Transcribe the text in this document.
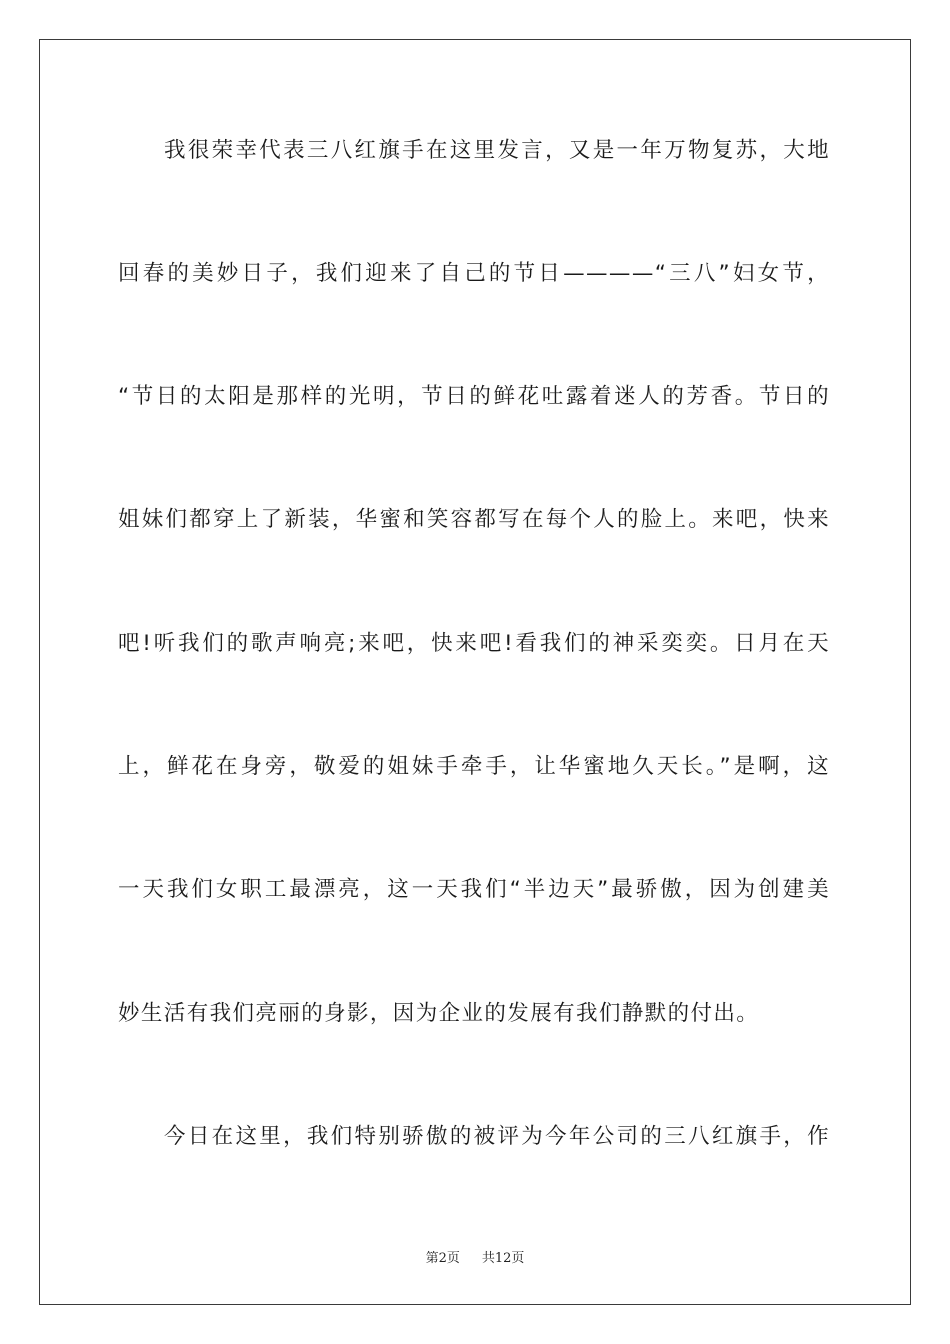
我很荣幸代表三八红旗手在这里发言，又是一年万物复苏，大地
回春的美妙日子，我们迎来了自己的节日————“三八”妇女节，
“节日的太阳是那样的光明，节日的鲜花吐露着迷人的芳香。节日的
姐妹们都穿上了新装，华蜜和笑容都写在每个人的脸上。来吧，快来
吧!听我们的歌声响亮;来吧，快来吧!看我们的神采奕奕。日月在天
上，鲜花在身旁，敬爱的姐妹手牵手，让华蜜地久天长。”是啊，这
一天我们女职工最漂亮，这一天我们“半边天”最骄傲，因为创建美
妙生活有我们亮丽的身影，因为企业的发展有我们静默的付出。
今日在这里，我们特别骄傲的被评为今年公司的三八红旗手，作
第2页 共12页
